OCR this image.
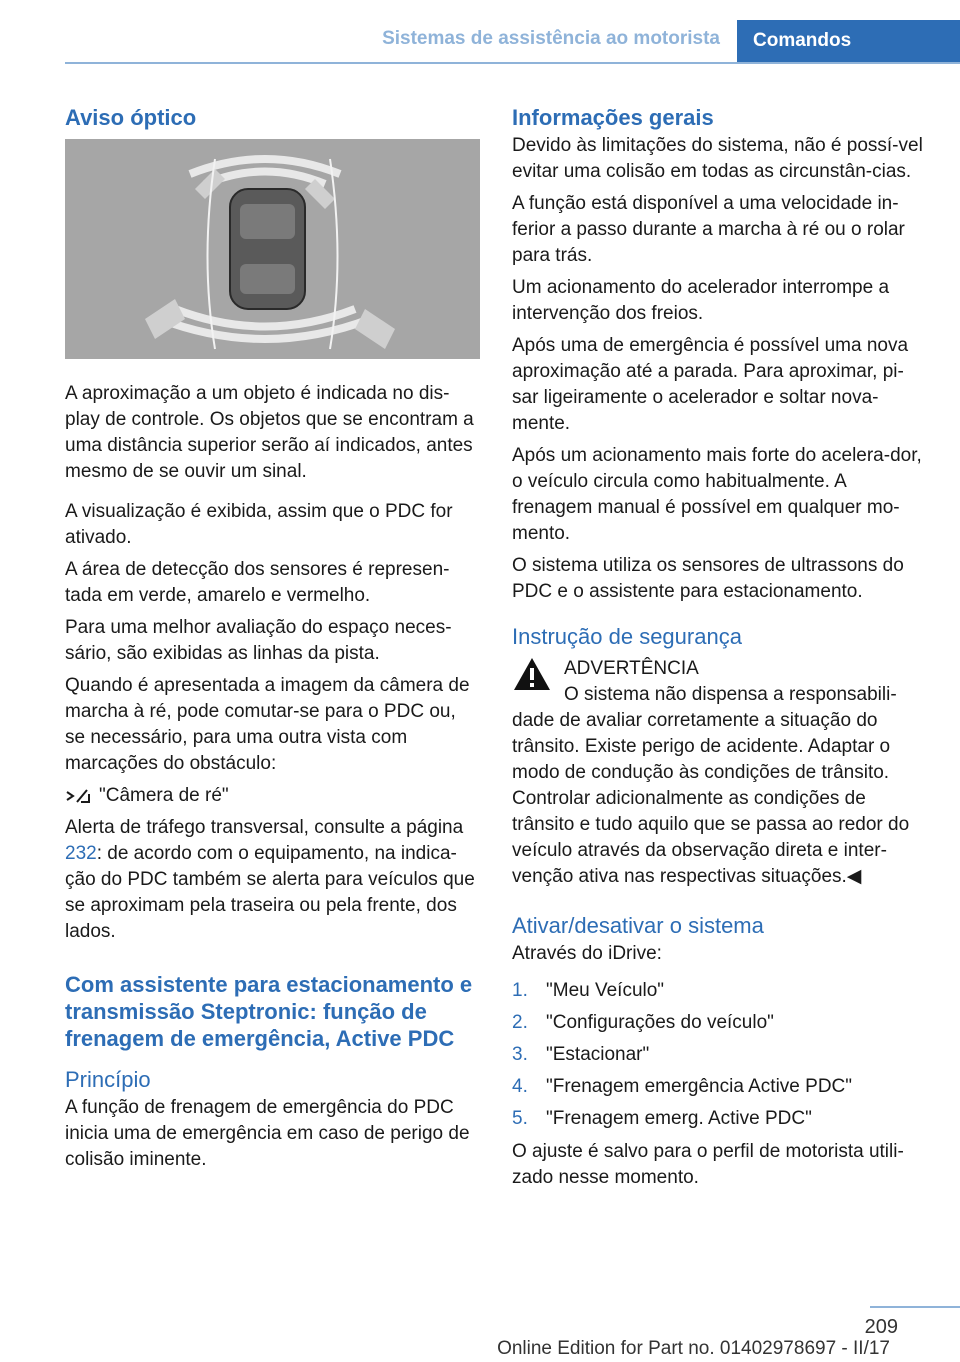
Sistemas de assistência ao motorista	Comandos
Aviso óptico

A aproximação a um objeto é indicada no dis-play de controle. Os objetos que se encontram a uma distância superior serão aí indicados, antes mesmo de se ouvir um sinal.

A visualização é exibida, assim que o PDC for ativado.

A área de detecção dos sensores é represen-tada em verde, amarelo e vermelho.

Para uma melhor avaliação do espaço neces-sário, são exibidas as linhas da pista.

Quando é apresentada a imagem da câmera de marcha à ré, pode comutar-se para o PDC ou, se necessário, para uma outra vista com marcações do obstáculo:

"Câmera de ré"

Alerta de tráfego transversal, consulte a página 232: de acordo com o equipamento, na indica-ção do PDC também se alerta para veículos que se aproximam pela traseira ou pela frente, dos lados.

Com assistente para estacionamento e transmissão Steptronic: função de frenagem de emergência, Active PDC
Princípio

A função de frenagem de emergência do PDC inicia uma de emergência em caso de perigo de colisão iminente.

Informações gerais

Devido às limitações do sistema, não é possí-vel evitar uma colisão em todas as circunstân-cias.

A função está disponível a uma velocidade in-ferior a passo durante a marcha à ré ou o rolar para trás.

Um acionamento do acelerador interrompe a intervenção dos freios.

Após uma de emergência é possível uma nova aproximação até a parada. Para aproximar, pi-sar ligeiramente o acelerador e soltar nova-mente.

Após um acionamento mais forte do acelera-dor, o veículo circula como habitualmente. A frenagem manual é possível em qualquer mo-mento.

O sistema utiliza os sensores de ultrassons do PDC e o assistente para estacionamento.

Instrução de segurança
ADVERTÊNCIA
O sistema não dispensa a responsabili-

dade de avaliar corretamente a situação do trânsito. Existe perigo de acidente. Adaptar o modo de condução às condições de trânsito. Controlar adicionalmente as condições de trânsito e tudo aquilo que se passa ao redor do veículo através da observação direta e inter-venção ativa nas respectivas situações.◀

Ativar/desativar o sistema

Através do iDrive:

1. "Meu Veículo"
2. "Configurações do veículo"
3. "Estacionar"
4. "Frenagem emergência Active PDC"
5. "Frenagem emerg. Active PDC"

O ajuste é salvo para o perfil de motorista utili-zado nesse momento.

209
Online Edition for Part no. 01402978697 - II/17
